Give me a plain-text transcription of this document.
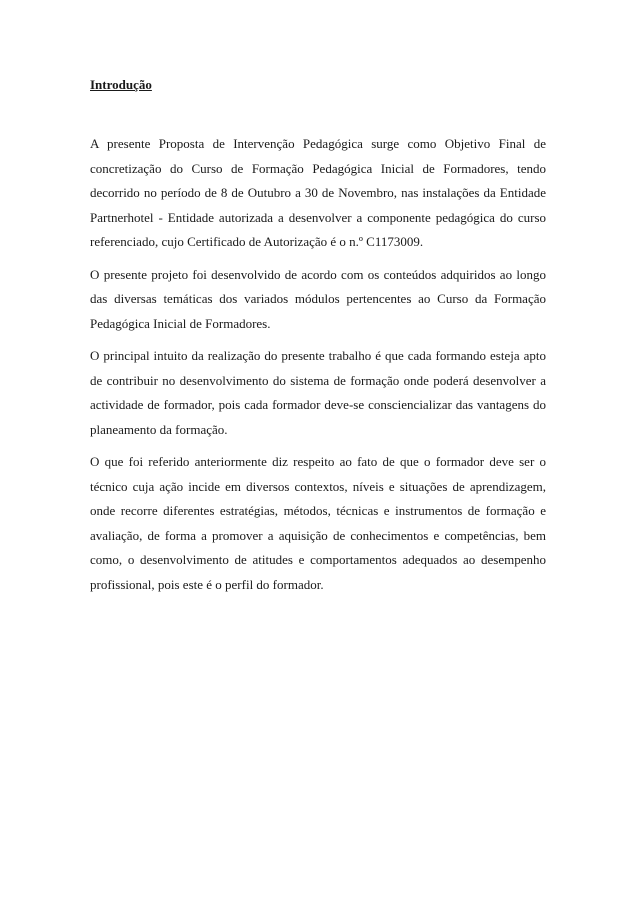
Introdução

A presente Proposta de Intervenção Pedagógica surge como Objetivo Final de concretização do Curso de Formação Pedagógica Inicial de Formadores, tendo decorrido no período de 8 de Outubro a 30 de Novembro, nas instalações da Entidade Partnerhotel - Entidade autorizada a desenvolver a componente pedagógica do curso referenciado, cujo Certificado de Autorização é o n.º C1173009.

O presente projeto foi desenvolvido de acordo com os conteúdos adquiridos ao longo das diversas temáticas dos variados módulos pertencentes ao Curso da Formação Pedagógica Inicial de Formadores.

O principal intuito da realização do presente trabalho é que cada formando esteja apto de contribuir no desenvolvimento do sistema de formação onde poderá desenvolver a actividade de formador, pois cada formador deve-se consciencializar das vantagens do planeamento da formação.

O que foi referido anteriormente diz respeito ao fato de que o formador deve ser o técnico cuja ação incide em diversos contextos, níveis e situações de aprendizagem, onde recorre diferentes estratégias, métodos, técnicas e instrumentos de formação e avaliação, de forma a promover a aquisição de conhecimentos e competências, bem como, o desenvolvimento de atitudes e comportamentos adequados ao desempenho profissional, pois este é o perfil do formador.
